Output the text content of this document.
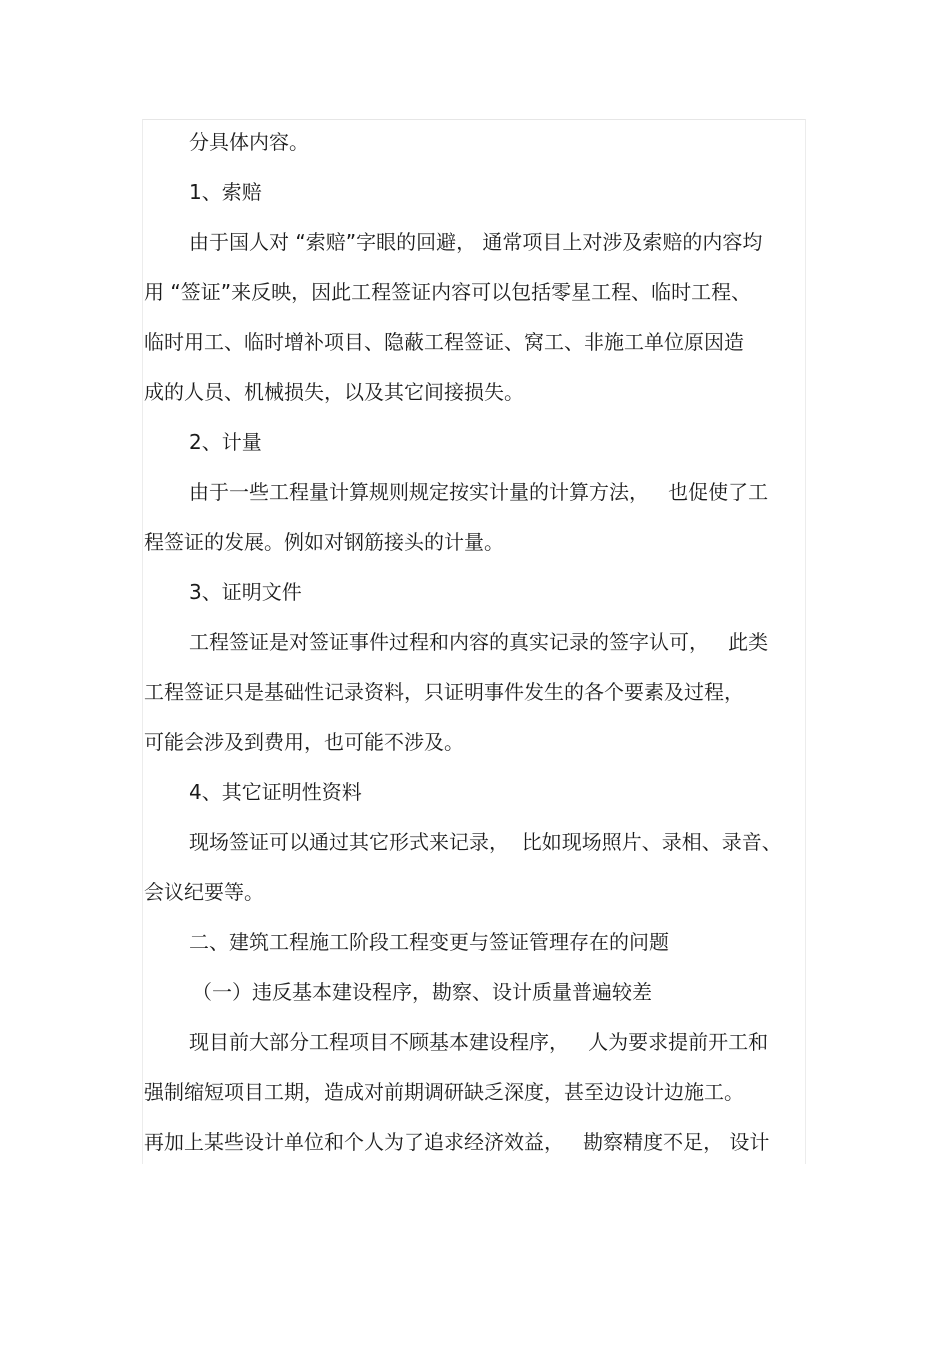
分具体内容。
1、索赔
由于国人对 “索赔”字眼的回避， 通常项目上对涉及索赔的内容均
用 “签证”来反映，因此工程签证内容可以包括零星工程、临时工程、
临时用工、临时增补项目、隐蔽工程签证、窝工、非施工单位原因造
成的人员、机械损失，以及其它间接损失。
2、计量
由于一些工程量计算规则规定按实计量的计算方法，   也促使了工
程签证的发展。例如对钢筋接头的计量。
3、证明文件
工程签证是对签证事件过程和内容的真实记录的签字认可，   此类
工程签证只是基础性记录资料，只证明事件发生的各个要素及过程，
可能会涉及到费用，也可能不涉及。
4、其它证明性资料
现场签证可以通过其它形式来记录，  比如现场照片、录相、录音、
会议纪要等。
二、建筑工程施工阶段工程变更与签证管理存在的问题
（一）违反基本建设程序，勘察、设计质量普遍较差
现目前大部分工程项目不顾基本建设程序，   人为要求提前开工和
强制缩短项目工期，造成对前期调研缺乏深度，甚至边设计边施工。
再加上某些设计单位和个人为了追求经济效益，   勘察精度不足， 设计
